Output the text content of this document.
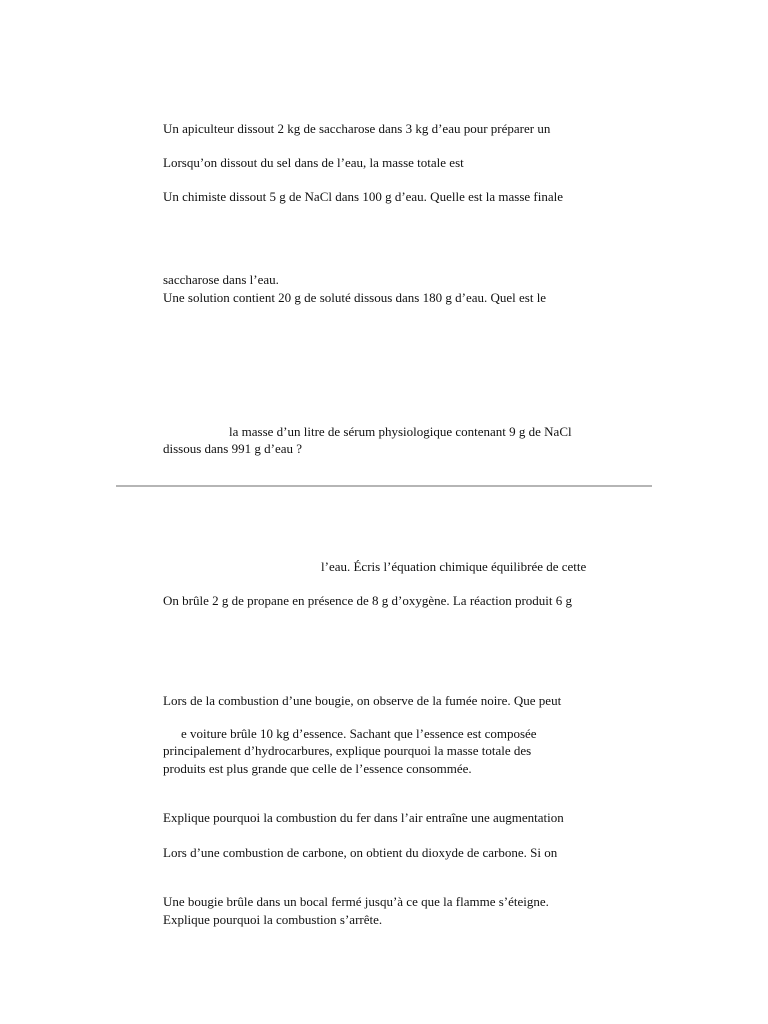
Un apiculteur dissout 2 kg de saccharose dans 3 kg d’eau pour préparer un
Lorsqu’on dissout du sel dans de l’eau, la masse totale est
Un chimiste dissout 5 g de NaCl dans 100 g d’eau. Quelle est la masse finale
saccharose dans l’eau.
Une solution contient 20 g de soluté dissous dans 180 g d’eau. Quel est le
la masse d’un litre de sérum physiologique contenant 9 g de NaCl
dissous dans 991 g d’eau ?
l’eau. Écris l’équation chimique équilibrée de cette
On brûle 2 g de propane en présence de 8 g d’oxygène. La réaction produit 6 g
Lors de la combustion d’une bougie, on observe de la fumée noire. Que peut
e voiture brûle 10 kg d’essence. Sachant que l’essence est composée
principalement d’hydrocarbures, explique pourquoi la masse totale des
produits est plus grande que celle de l’essence consommée.
Explique pourquoi la combustion du fer dans l’air entraîne une augmentation
Lors d’une combustion de carbone, on obtient du dioxyde de carbone. Si on
Une bougie brûle dans un bocal fermé jusqu’à ce que la flamme s’éteigne.
Explique pourquoi la combustion s’arrête.
